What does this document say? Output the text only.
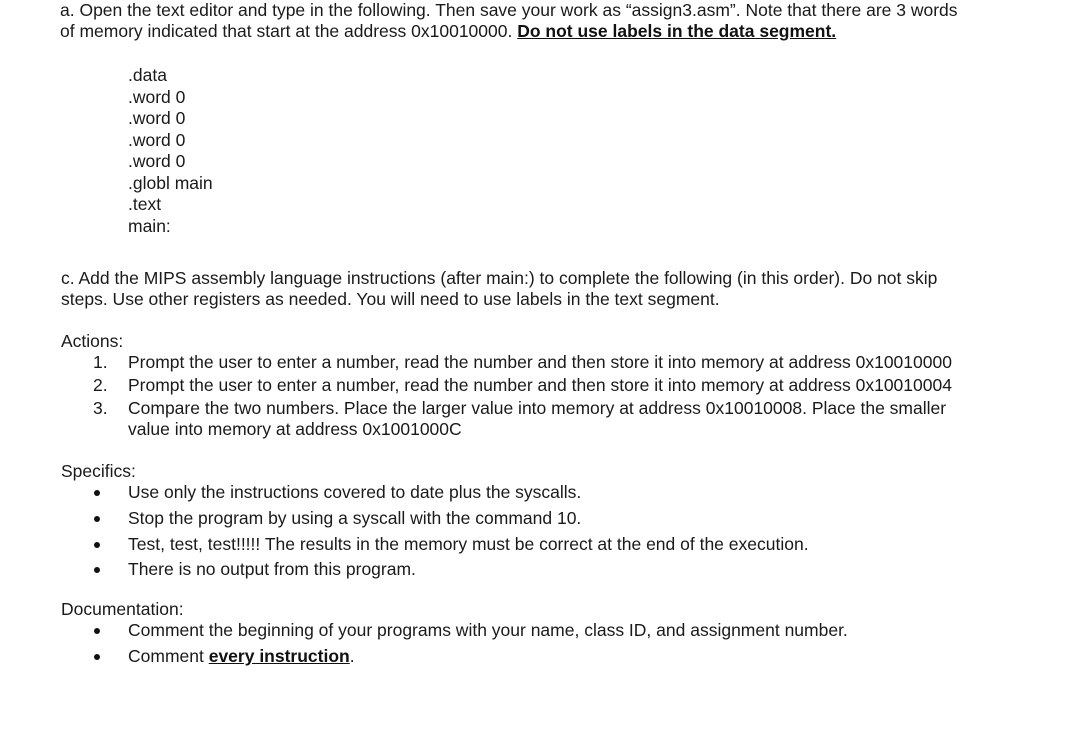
a. Open the text editor and type in the following. Then save your work as “assign3.asm”. Note that there are 3 words of memory indicated that start at the address 0x10010000. Do not use labels in the data segment.

.data
.word 0
.word 0
.word 0
.word 0
.globl main
.text
main:

c. Add the MIPS assembly language instructions (after main:) to complete the following (in this order). Do not skip steps. Use other registers as needed. You will need to use labels in the text segment.

Actions:

1. Prompt the user to enter a number, read the number and then store it into memory at address 0x10010000
2. Prompt the user to enter a number, read the number and then store it into memory at address 0x10010004
3. Compare the two numbers. Place the larger value into memory at address 0x10010008. Place the smaller value into memory at address 0x1001000C

Specifics:

Use only the instructions covered to date plus the syscalls.
Stop the program by using a syscall with the command 10.
Test, test, test!!!!! The results in the memory must be correct at the end of the execution.
There is no output from this program.

Documentation:

Comment the beginning of your programs with your name, class ID, and assignment number.
Comment every instruction.
